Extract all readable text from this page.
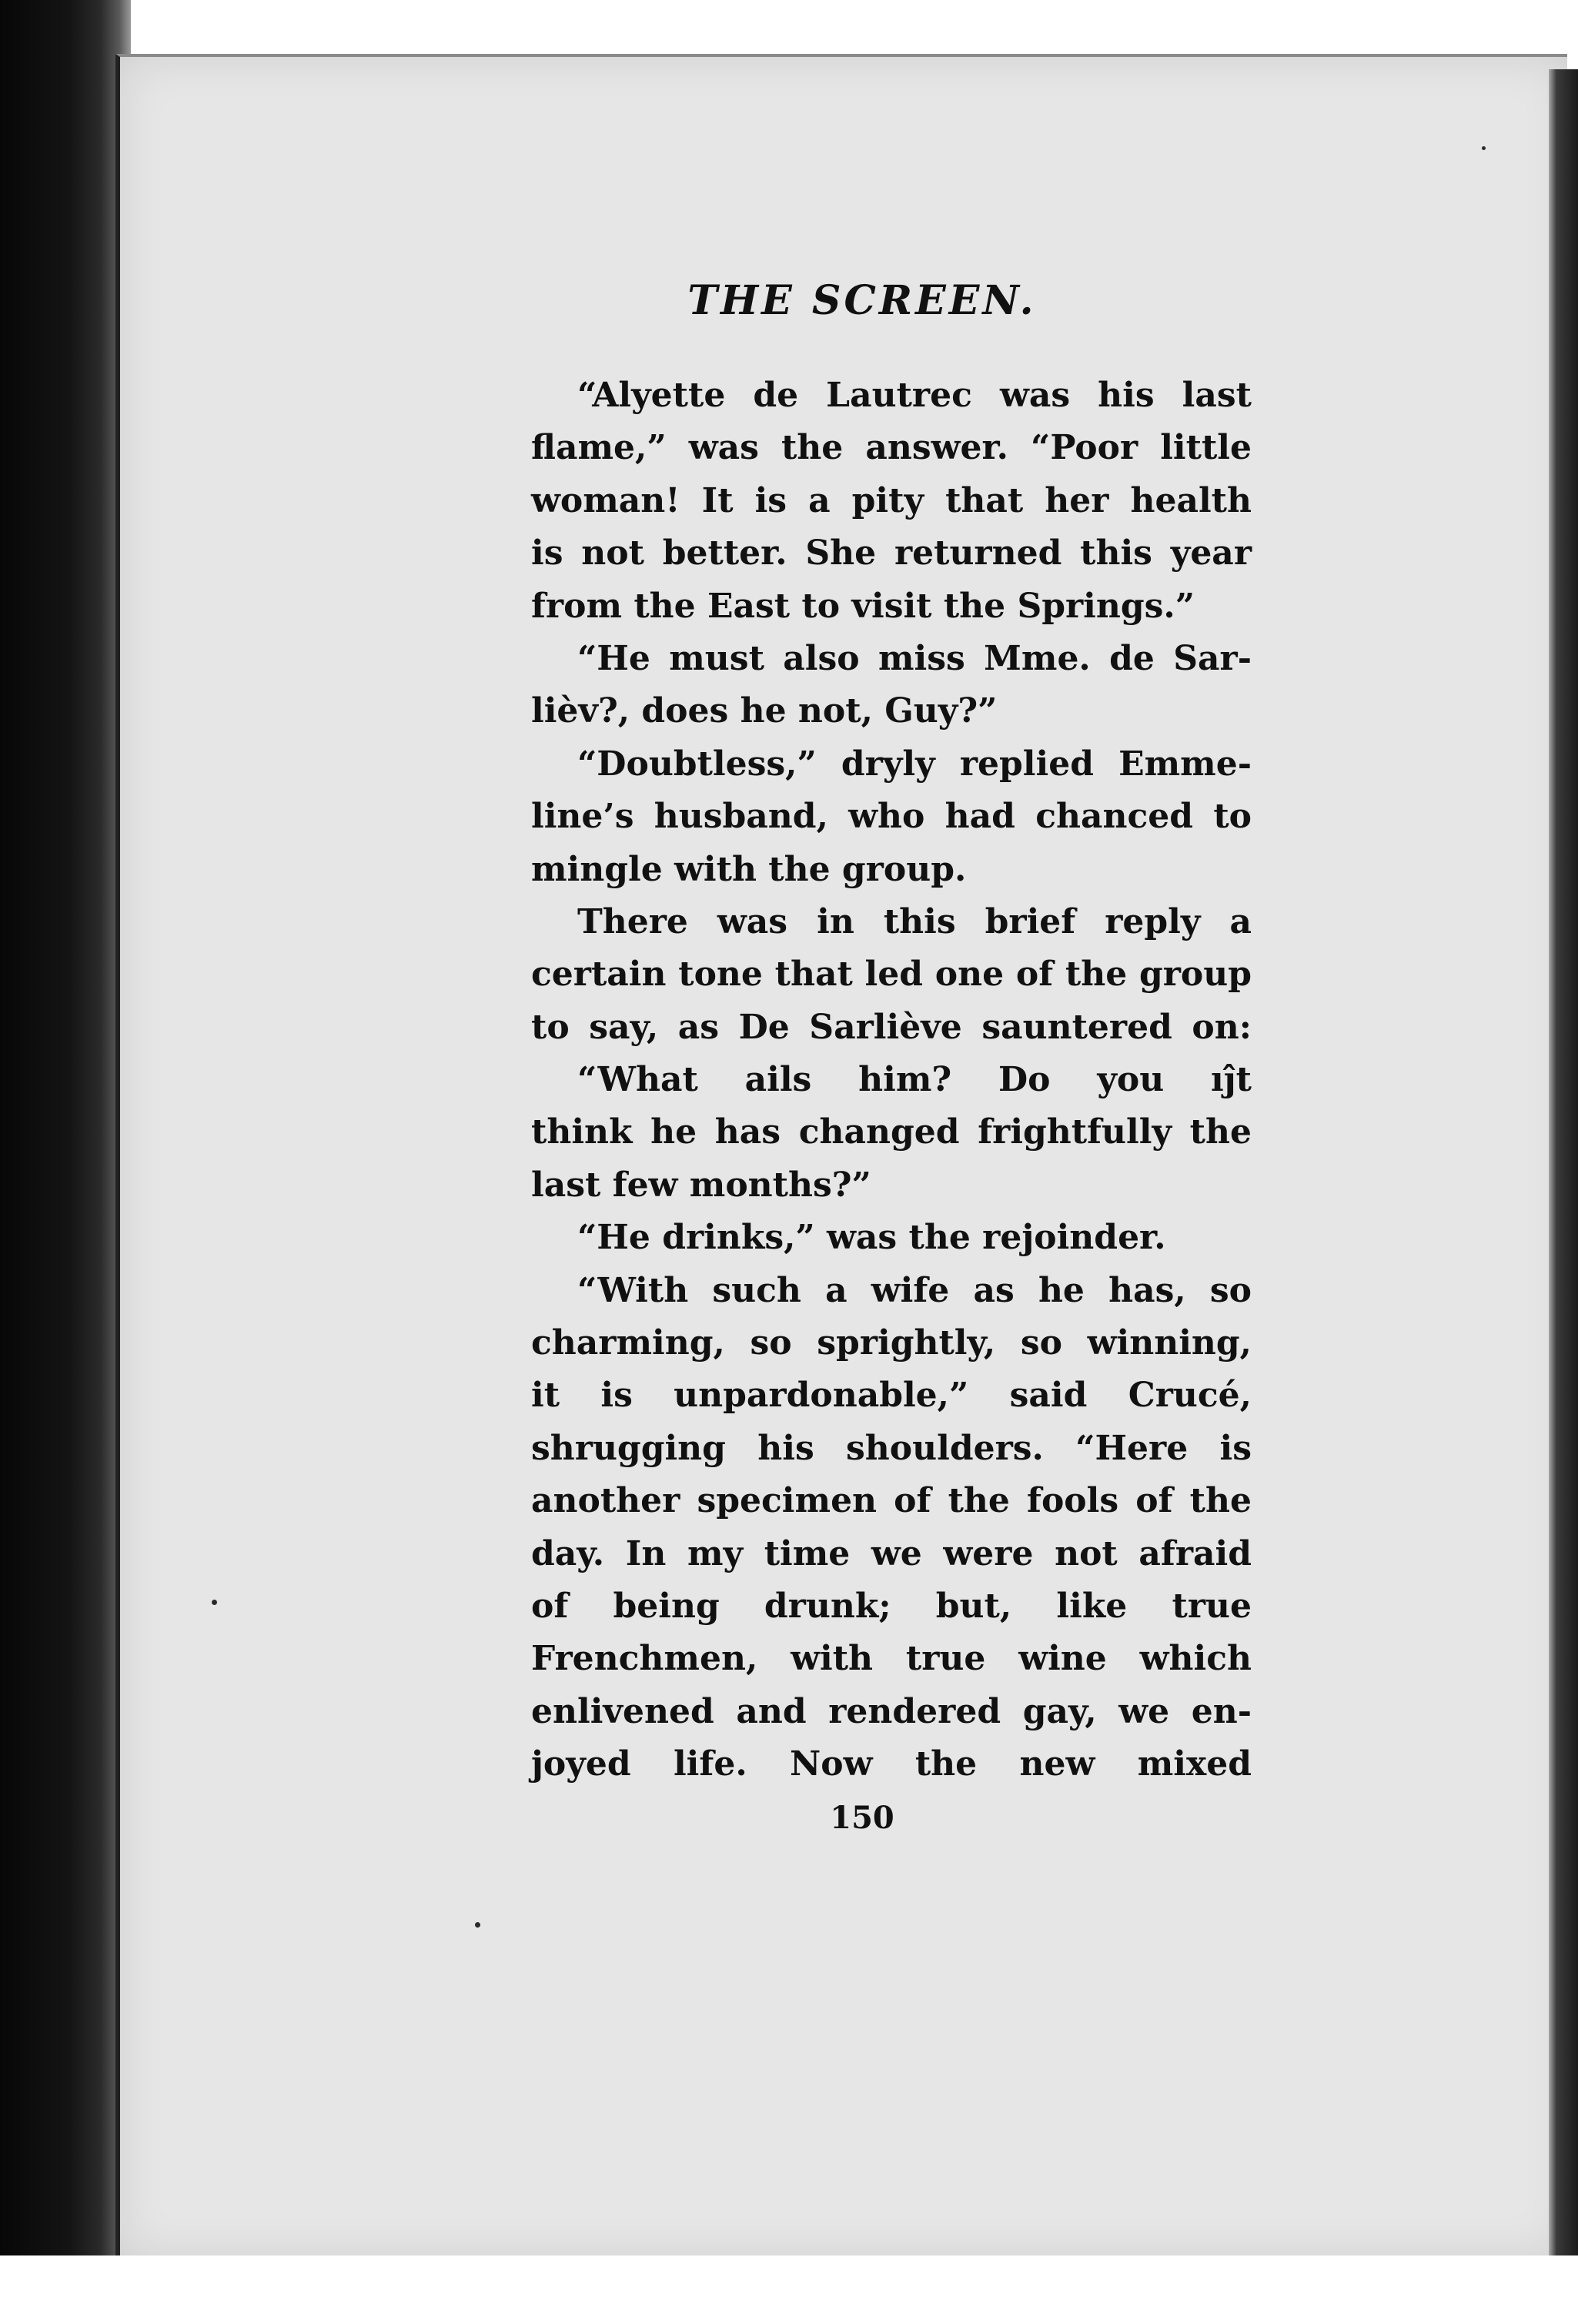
THE SCREEN.
“Alyette de Lautrec was his last
flame,” was the answer. “Poor little
woman! It is a pity that her health
is not better. She returned this year
from the East to visit the Springs.”
“He must also miss Mme. de Sar-
lièv⁠?, does he not, Guy?”
“Doubtless,” dryly replied Emme-
line’s husband, who had chanced to
mingle with the group.
There was in this brief reply a
certain tone that led one of the group
to say, as De Sarliève sauntered on:
“What ails him? Do you ıĵt
think he has changed frightfully the
last few months?”
“He drinks,” was the rejoinder.
“With such a wife as he has, so
charming, so sprightly, so winning,
it is unpardonable,” said Crucé,
shrugging his shoulders. “Here is
another specimen of the fools of the
day. In my time we were not afraid
of being drunk; but, like true
Frenchmen, with true wine which
enlivened and rendered gay, we en-
joyed life. Now the new mixed
150
